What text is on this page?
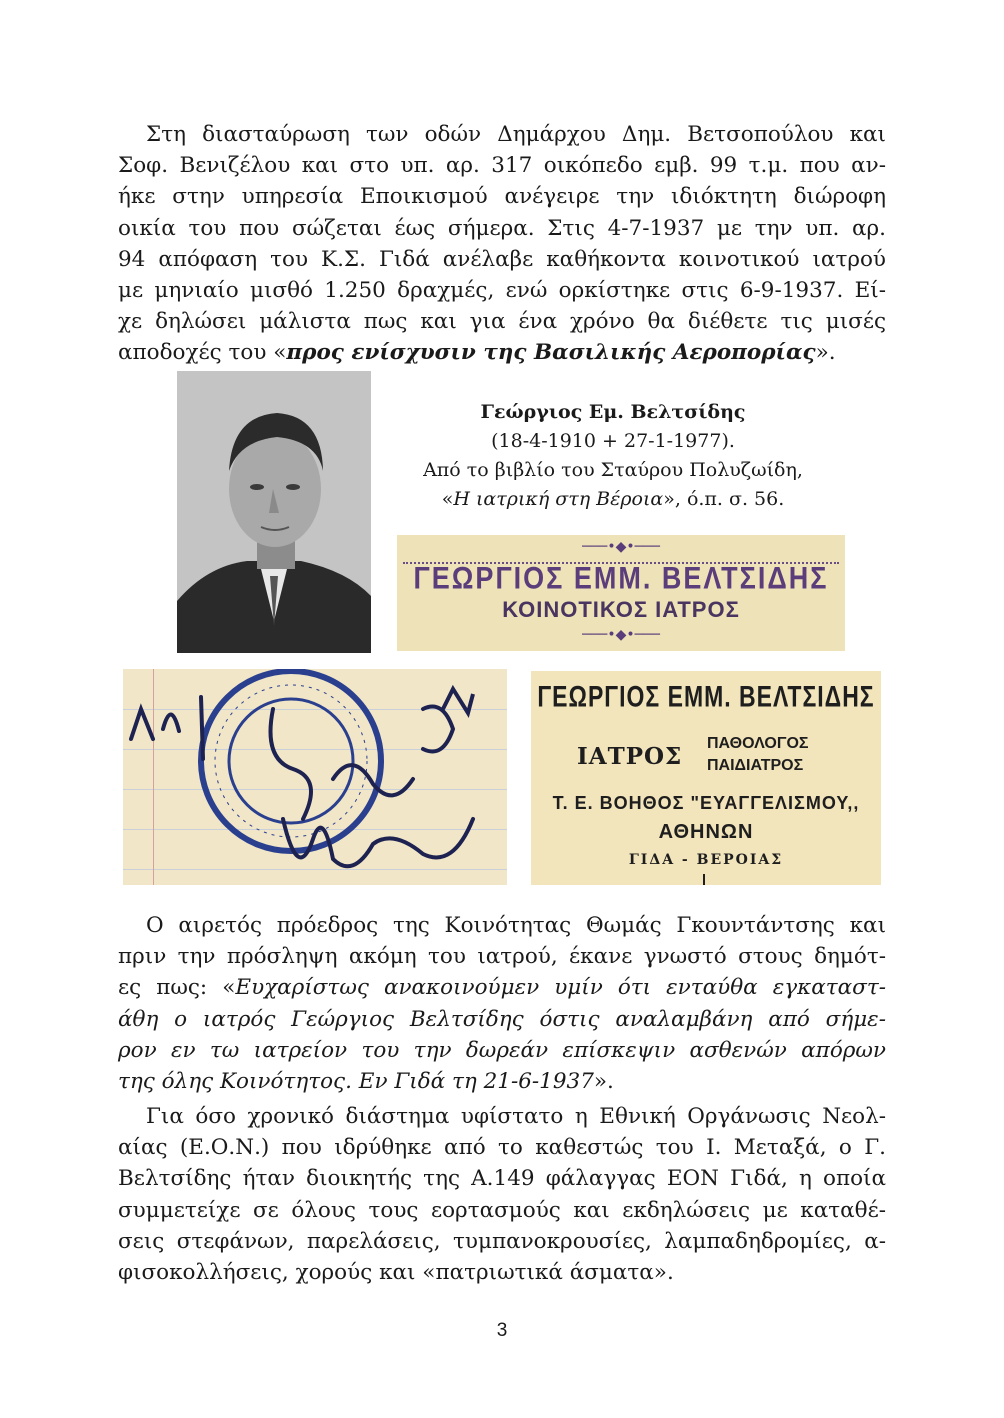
Στη διασταύρωση των οδών Δημάρχου Δημ. Βετσοπούλου και
Σοφ. Βενιζέλου και στο υπ. αρ. 317 οικόπεδο εμβ. 99 τ.μ. που αν-
ήκε στην υπηρεσία Εποικισμού ανέγειρε την ιδιόκτητη διώροφη
οικία του που σώζεται έως σήμερα. Στις 4-7-1937 με την υπ. αρ.
94 απόφαση του Κ.Σ. Γιδά ανέλαβε καθήκοντα κοινοτικού ιατρού
με μηνιαίο μισθό 1.250 δραχμές, ενώ ορκίστηκε στις 6-9-1937. Εί-
χε δηλώσει μάλιστα πως και για ένα χρόνο θα διέθετε τις μισές
αποδοχές του «προς ενίσχυσιν της Βασιλικής Αεροπορίας».
Γεώργιος Εμ. Βελτσίδης
(18-4-1910 + 27-1-1977).
Από το βιβλίο του Σταύρου Πολυζωίδη,
«Η ιατρική στη Βέροια», ό.π. σ. 56.
───•◆•───
ΓΕΩΡΓΙΟΣ ΕΜΜ. ΒΕΛΤΣΙΔΗΣ
ΚΟΙΝΟΤΙΚΟΣ ΙΑΤΡΟΣ
───•◆•───
ΓΕΩΡΓΙΟΣ ΕΜΜ. ΒΕΛΤΣΙΔΗΣ
ΙΑΤΡΟΣ ΠΑΘΟΛΟΓΟΣ
ΠΑΙΔΙΑΤΡΟΣ
Τ. Ε. ΒΟΗΘΟΣ "ΕΥΑΓΓΕΛΙΣΜΟΥ,,
ΑΘΗΝΩΝ
ΓΙΔΑ - ΒΕΡΟΙΑΣ
Ο αιρετός πρόεδρος της Κοινότητας Θωμάς Γκουντάντσης και
πριν την πρόσληψη ακόμη του ιατρού, έκανε γνωστό στους δημότ-
ες πως: «Ευχαρίστως ανακοινούμεν υμίν ότι ενταύθα εγκαταστ-
άθη ο ιατρός Γεώργιος Βελτσίδης όστις αναλαμβάνη από σήμε-
ρον εν τω ιατρείον του την δωρεάν επίσκεψιν ασθενών απόρων
της όλης Κοινότητος. Εν Γιδά τη 21-6-1937».
Για όσο χρονικό διάστημα υφίστατο η Εθνική Οργάνωσις Νεολ-
αίας (Ε.Ο.Ν.) που ιδρύθηκε από το καθεστώς του Ι. Μεταξά, ο Γ.
Βελτσίδης ήταν διοικητής της Α.149 φάλαγγας ΕΟΝ Γιδά, η οποία
συμμετείχε σε όλους τους εορτασμούς και εκδηλώσεις με καταθέ-
σεις στεφάνων, παρελάσεις, τυμπανοκρουσίες, λαμπαδηδρομίες, α-
φισοκολλήσεις, χορούς και «πατριωτικά άσματα».
3
